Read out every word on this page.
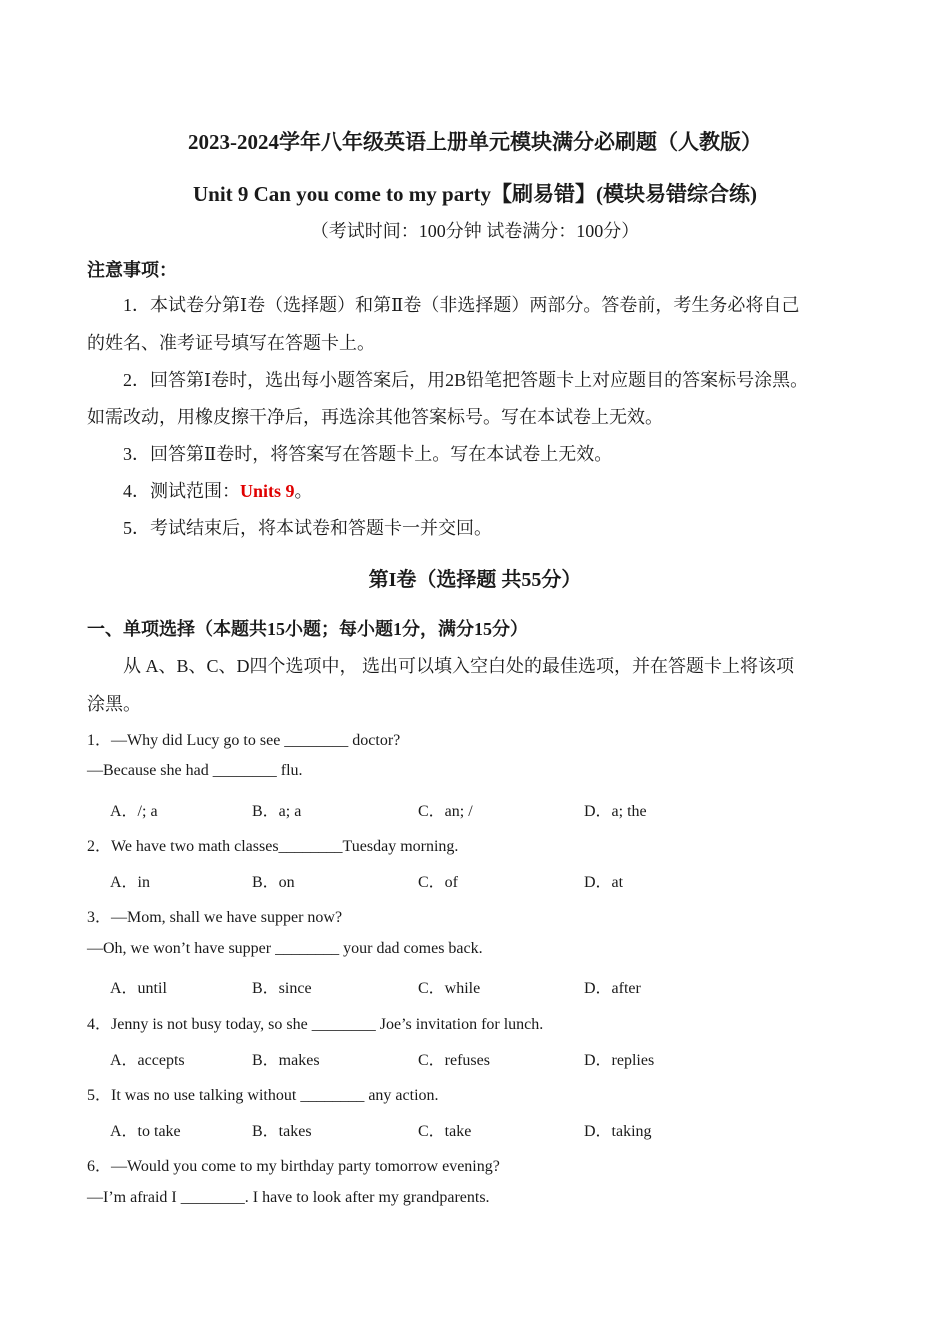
2023-2024学年八年级英语上册单元模块满分必刷题（人教版）
Unit 9 Can you come to my party【刷易错】(模块易错综合练)
（考试时间：100分钟 试卷满分：100分）
注意事项：
1．本试卷分第Ⅰ卷（选择题）和第Ⅱ卷（非选择题）两部分。答卷前，考生务必将自己
的姓名、准考证号填写在答题卡上。
2．回答第Ⅰ卷时，选出每小题答案后，用2B铅笔把答题卡上对应题目的答案标号涂黑。
如需改动，用橡皮擦干净后，再选涂其他答案标号。写在本试卷上无效。
3．回答第Ⅱ卷时，将答案写在答题卡上。写在本试卷上无效。
4．测试范围：Units 9。
5．考试结束后，将本试卷和答题卡一并交回。
第I卷（选择题 共55分）
一、单项选择（本题共15小题；每小题1分，满分15分）
从 A、B、C、D四个选项中， 选出可以填入空白处的最佳选项，并在答题卡上将该项
涂黑。
1．—Why did Lucy go to see ________ doctor?
—Because she had ________ flu.
A．/; a	B．a; a	C．an; /	D．a; the
2．We have two math classes________Tuesday morning.
A．in	B．on	C．of	D．at
3．—Mom, shall we have supper now?
—Oh, we won’t have supper ________ your dad comes back.
A．until	B．since	C．while	D．after
4．Jenny is not busy today, so she ________ Joe’s invitation for lunch.
A．accepts	B．makes	C．refuses	D．replies
5．It was no use talking without ________ any action.
A．to take	B．takes	C．take	D．taking
6．—Would you come to my birthday party tomorrow evening?
—I’m afraid I ________. I have to look after my grandparents.
